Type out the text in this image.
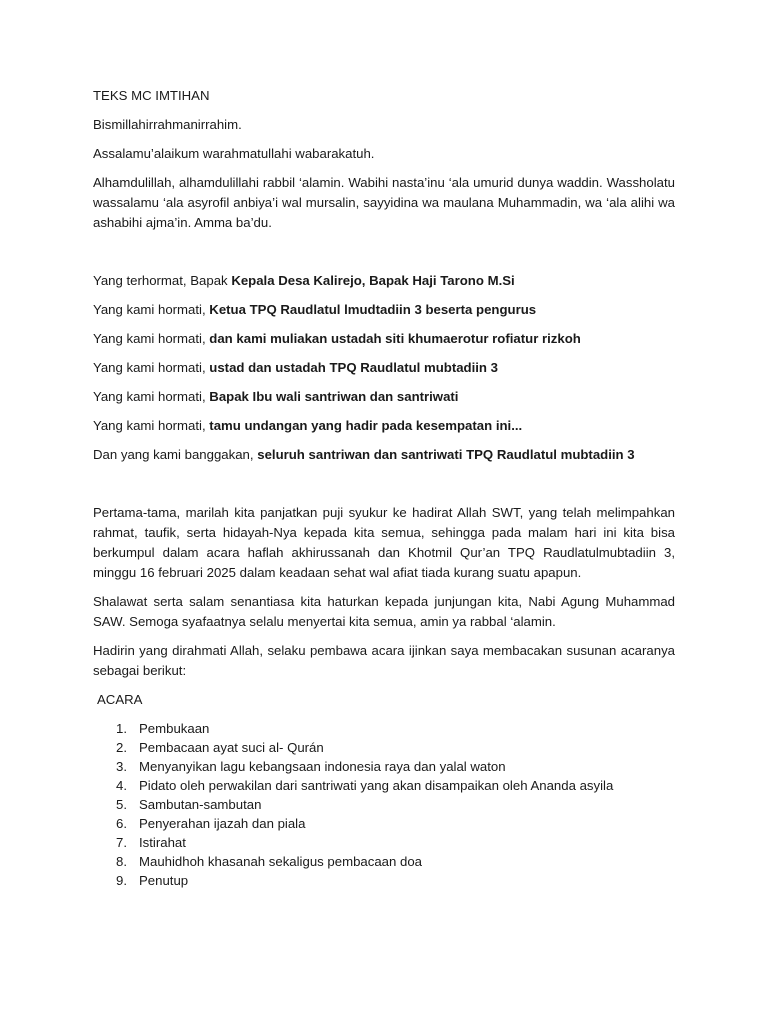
TEKS MC IMTIHAN

Bismillahirrahmanirrahim.

Assalamu’alaikum warahmatullahi wabarakatuh.

Alhamdulillah, alhamdulillahi rabbil ‘alamin. Wabihi nasta’inu ‘ala umurid dunya waddin. Wassholatu wassalamu ‘ala asyrofil anbiya’i wal mursalin, sayyidina wa maulana Muhammadin, wa ‘ala alihi wa ashabihi ajma’in. Amma ba’du.

Yang terhormat, Bapak Kepala Desa Kalirejo, Bapak Haji Tarono M.Si

Yang kami hormati, Ketua TPQ Raudlatul lmudtadiin 3 beserta pengurus

Yang kami hormati, dan kami muliakan ustadah siti khumaerotur rofiatur rizkoh

Yang kami hormati, ustad dan ustadah TPQ Raudlatul mubtadiin 3

Yang kami hormati, Bapak Ibu wali santriwan dan santriwati

Yang kami hormati, tamu undangan yang hadir pada kesempatan ini...

Dan yang kami banggakan, seluruh santriwan dan santriwati TPQ Raudlatul mubtadiin 3

Pertama-tama, marilah kita panjatkan puji syukur ke hadirat Allah SWT, yang telah melimpahkan rahmat, taufik, serta hidayah-Nya kepada kita semua, sehingga pada malam hari ini kita bisa berkumpul dalam acara haflah akhirussanah dan Khotmil Qur’an TPQ Raudlatulmubtadiin 3, minggu 16 februari 2025 dalam keadaan sehat wal afiat tiada kurang suatu apapun.

Shalawat serta salam senantiasa kita haturkan kepada junjungan kita, Nabi Agung Muhammad SAW. Semoga syafaatnya selalu menyertai kita semua, amin ya rabbal ‘alamin.

Hadirin yang dirahmati Allah, selaku pembawa acara ijinkan saya membacakan susunan acaranya sebagai berikut:

ACARA

1. Pembukaan
2. Pembacaan ayat suci al- Qurán
3. Menyanyikan lagu kebangsaan indonesia raya dan yalal waton
4. Pidato oleh perwakilan dari santriwati yang akan disampaikan oleh Ananda asyila
5. Sambutan-sambutan
6. Penyerahan ijazah dan piala
7. Istirahat
8. Mauhidhoh khasanah sekaligus pembacaan doa
9. Penutup
